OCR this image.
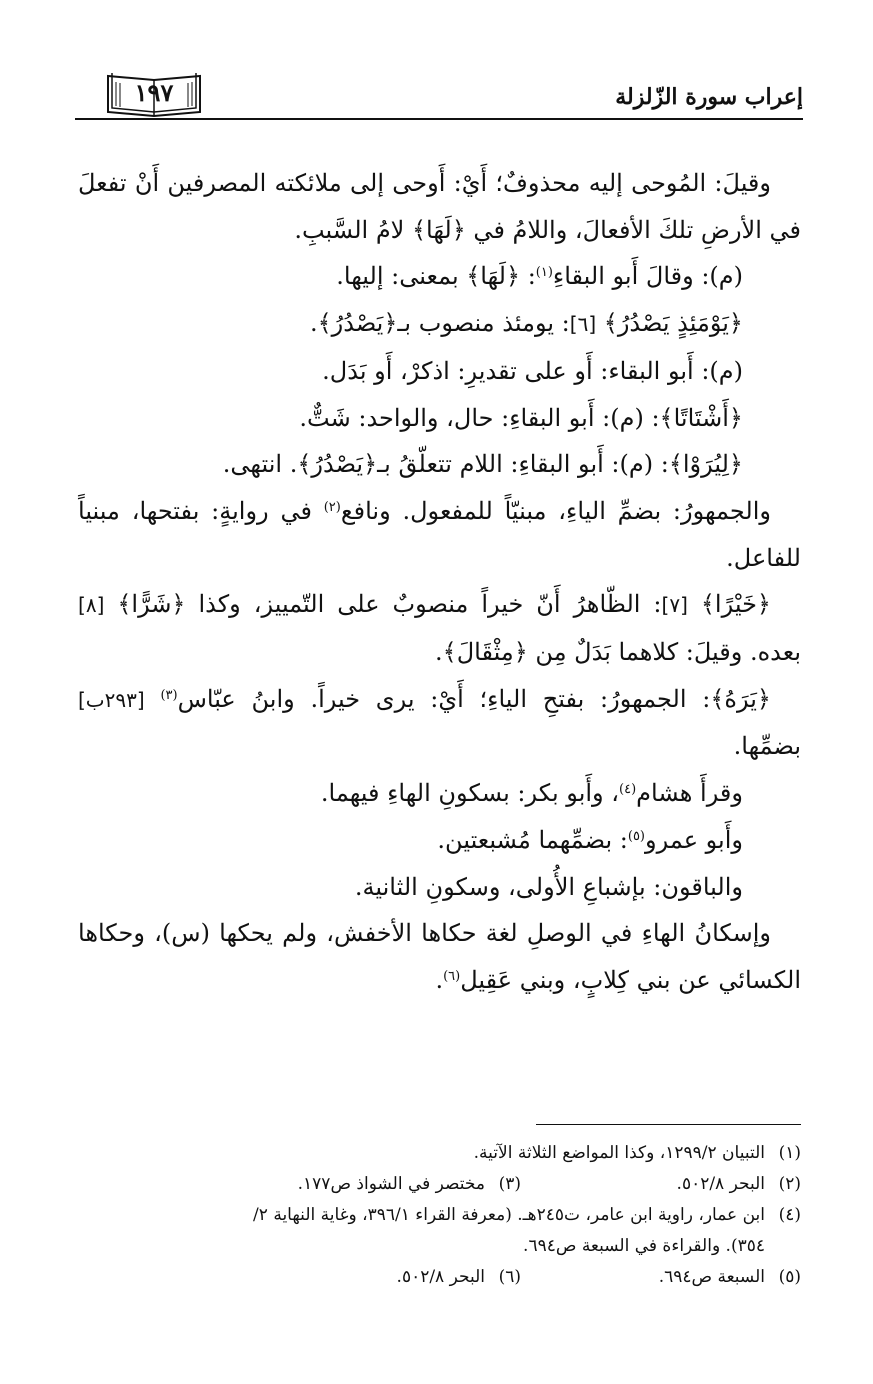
إعراب سورة الزّلزلة
١٩٧

وقيلَ: المُوحى إليه محذوفٌ؛ أَيْ: أَوحى إلى ملائكته المصرفين أَنْ تفعلَ في الأرضِ تلكَ الأفعالَ، واللامُ في ﴿لَهَا﴾ لامُ السَّببِ.

(م): وقالَ أَبو البقاءِ$^{(١)}$: ﴿لَهَا﴾ بمعنى: إليها.

﴿يَوْمَئِذٍ يَصْدُرُ﴾ [٦]: يومئذ منصوب بـ﴿يَصْدُرُ﴾.

(م): أَبو البقاء: أَو على تقديرِ: اذكرْ، أَو بَدَل.

﴿أَشْتَاتًا﴾: (م): أَبو البقاءِ: حال، والواحد: شَتٌّ.

﴿لِيُرَوْا﴾: (م): أَبو البقاءِ: اللام تتعلّقُ بـ﴿يَصْدُرُ﴾. انتهى.

والجمهورُ: بضمِّ الياءِ، مبنيّاً للمفعول. ونافع$^{(٢)}$ في روايةٍ: بفتحها، مبنياً للفاعل.

﴿خَيْرًا﴾ [٧]: الظّاهرُ أَنّ خيراً منصوبٌ على التّمييز، وكذا ﴿شَرًّا﴾ [٨] بعده. وقيلَ: كلاهما بَدَلٌ مِن ﴿مِثْقَالَ﴾.

﴿يَرَهُ﴾: الجمهورُ: بفتحِ الياءِ؛ أَيْ: يرى خيراً. وابنُ عبّاس$^{(٣)}$ [٢٩٣ب] بضمِّها.

وقرأَ هشام$^{(٤)}$، وأَبو بكر: بسكونِ الهاءِ فيهما.

وأَبو عمرو$^{(٥)}$: بضمِّهما مُشبعتين.

والباقون: بإشباعِ الأُولى، وسكونِ الثانية.

وإسكانُ الهاءِ في الوصلِ لغة حكاها الأخفش، ولم يحكها (س)، وحكاها الكسائي عن بني كِلابٍ، وبني عَقِيل$^{(٦)}$.

(١)
التبيان ١٢٩٩/٢، وكذا المواضع الثلاثة الآتية.
(٢)البحر ٥٠٢/٨.
(٣)مختصر في الشواذ ص١٧٧.
(٤)
ابن عمار، راوية ابن عامر، ت٢٤٥هـ. (معرفة القراء ٣٩٦/١، وغاية النهاية ٢/
٣٥٤). والقراءة في السبعة ص٦٩٤.
(٥)السبعة ص٦٩٤.
(٦)البحر ٥٠٢/٨.
